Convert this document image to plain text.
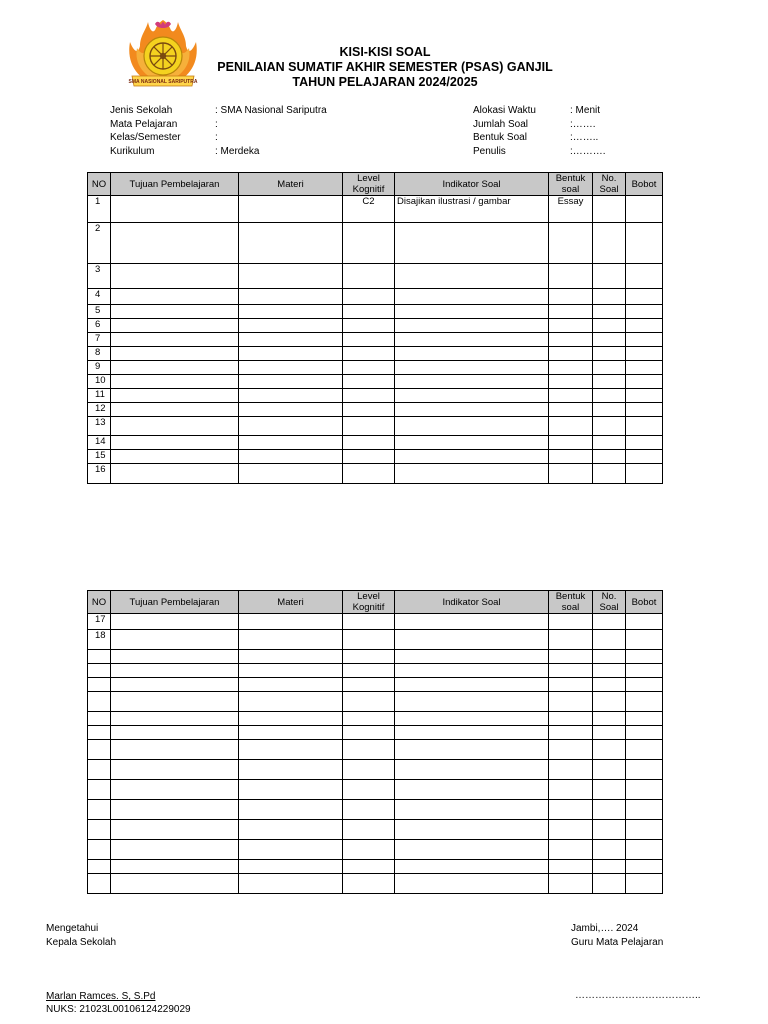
SMA NASIONAL SARIPUTRA
KISI-KISI SOAL
PENILAIAN SUMATIF AKHIR SEMESTER (PSAS) GANJIL
TAHUN PELAJARAN 2024/2025
Jenis Sekolah	: SMA Nasional Sariputra
Mata Pelajaran	:
Kelas/Semester	:
Kurikulum	: Merdeka
Alokasi Waktu	: Menit
Jumlah Soal	:…….
Bentuk Soal	:……..
Penulis	:……….
NO	Tujuan Pembelajaran	Materi	Level Kognitif	Indikator Soal	Bentuk soal	No. Soal	Bobot
1			C2	Disajikan ilustrasi / gambar	Essay		
2							
3							
4							
5							
6							
7							
8							
9							
10							
11							
12							
13							
14							
15							
16							
NO	Tujuan Pembelajaran	Materi	Level Kognitif	Indikator Soal	Bentuk soal	No. Soal	Bobot
17							
18							

Mengetahui
Kepala Sekolah
Jambi,…. 2024
Guru Mata Pelajaran
Marlan Ramces. S, S.Pd
NUKS: 21023L00106124229029
………………………………..
